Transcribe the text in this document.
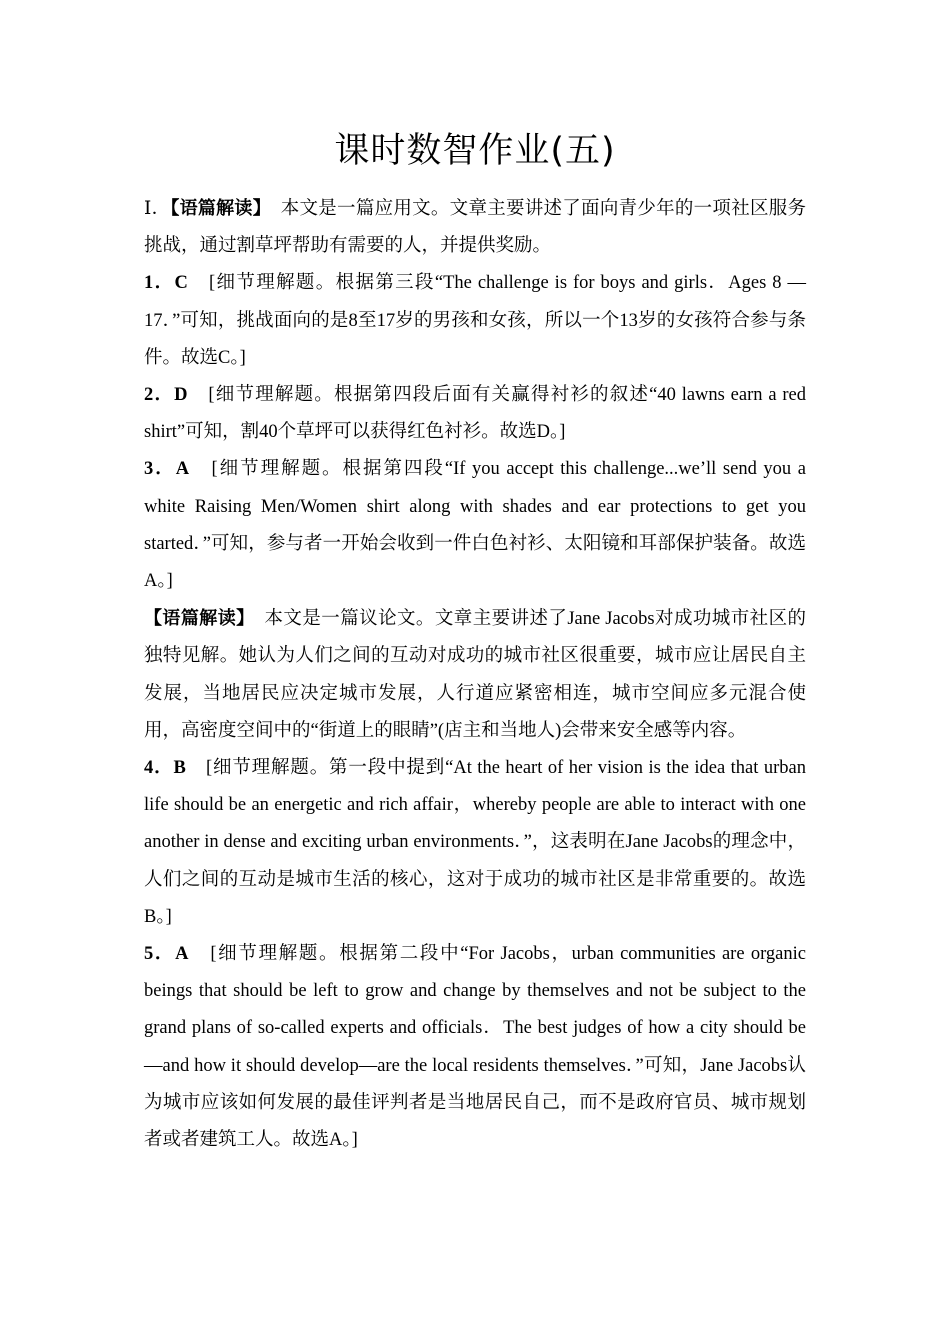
课时数智作业(五)

Ⅰ．【语篇解读】　本文是一篇应用文。文章主要讲述了面向青少年的一项社区服务挑战，通过割草坪帮助有需要的人，并提供奖励。

1．C　[细节理解题。根据第三段“The challenge is for boys and girls．Ages 8 — 17．”可知，挑战面向的是8至17岁的男孩和女孩，所以一个13岁的女孩符合参与条件。故选C。]

2．D　[细节理解题。根据第四段后面有关赢得衬衫的叙述“40 lawns earn a red shirt”可知，割40个草坪可以获得红色衬衫。故选D。]

3．A　[细节理解题。根据第四段“If you accept this challenge...we’ll send you a white Raising Men/Women shirt along with shades and ear protections to get you started．”可知，参与者一开始会收到一件白色衬衫、太阳镜和耳部保护装备。故选A。]

【语篇解读】　本文是一篇议论文。文章主要讲述了Jane Jacobs对成功城市社区的独特见解。她认为人们之间的互动对成功的城市社区很重要，城市应让居民自主发展，当地居民应决定城市发展，人行道应紧密相连，城市空间应多元混合使用，高密度空间中的“街道上的眼睛”(店主和当地人)会带来安全感等内容。

4．B　[细节理解题。第一段中提到“At the heart of her vision is the idea that urban life should be an energetic and rich affair，whereby people are able to interact with one another in dense and exciting urban environments．”，这表明在Jane Jacobs的理念中，人们之间的互动是城市生活的核心，这对于成功的城市社区是非常重要的。故选B。]

5．A　[细节理解题。根据第二段中“For Jacobs，urban communities are organic beings that should be left to grow and change by themselves and not be subject to the grand plans of so-called experts and officials．The best judges of how a city should be—and how it should develop—are the local residents themselves．”可知，Jane Jacobs认为城市应该如何发展的最佳评判者是当地居民自己，而不是政府官员、城市规划者或者建筑工人。故选A。]
